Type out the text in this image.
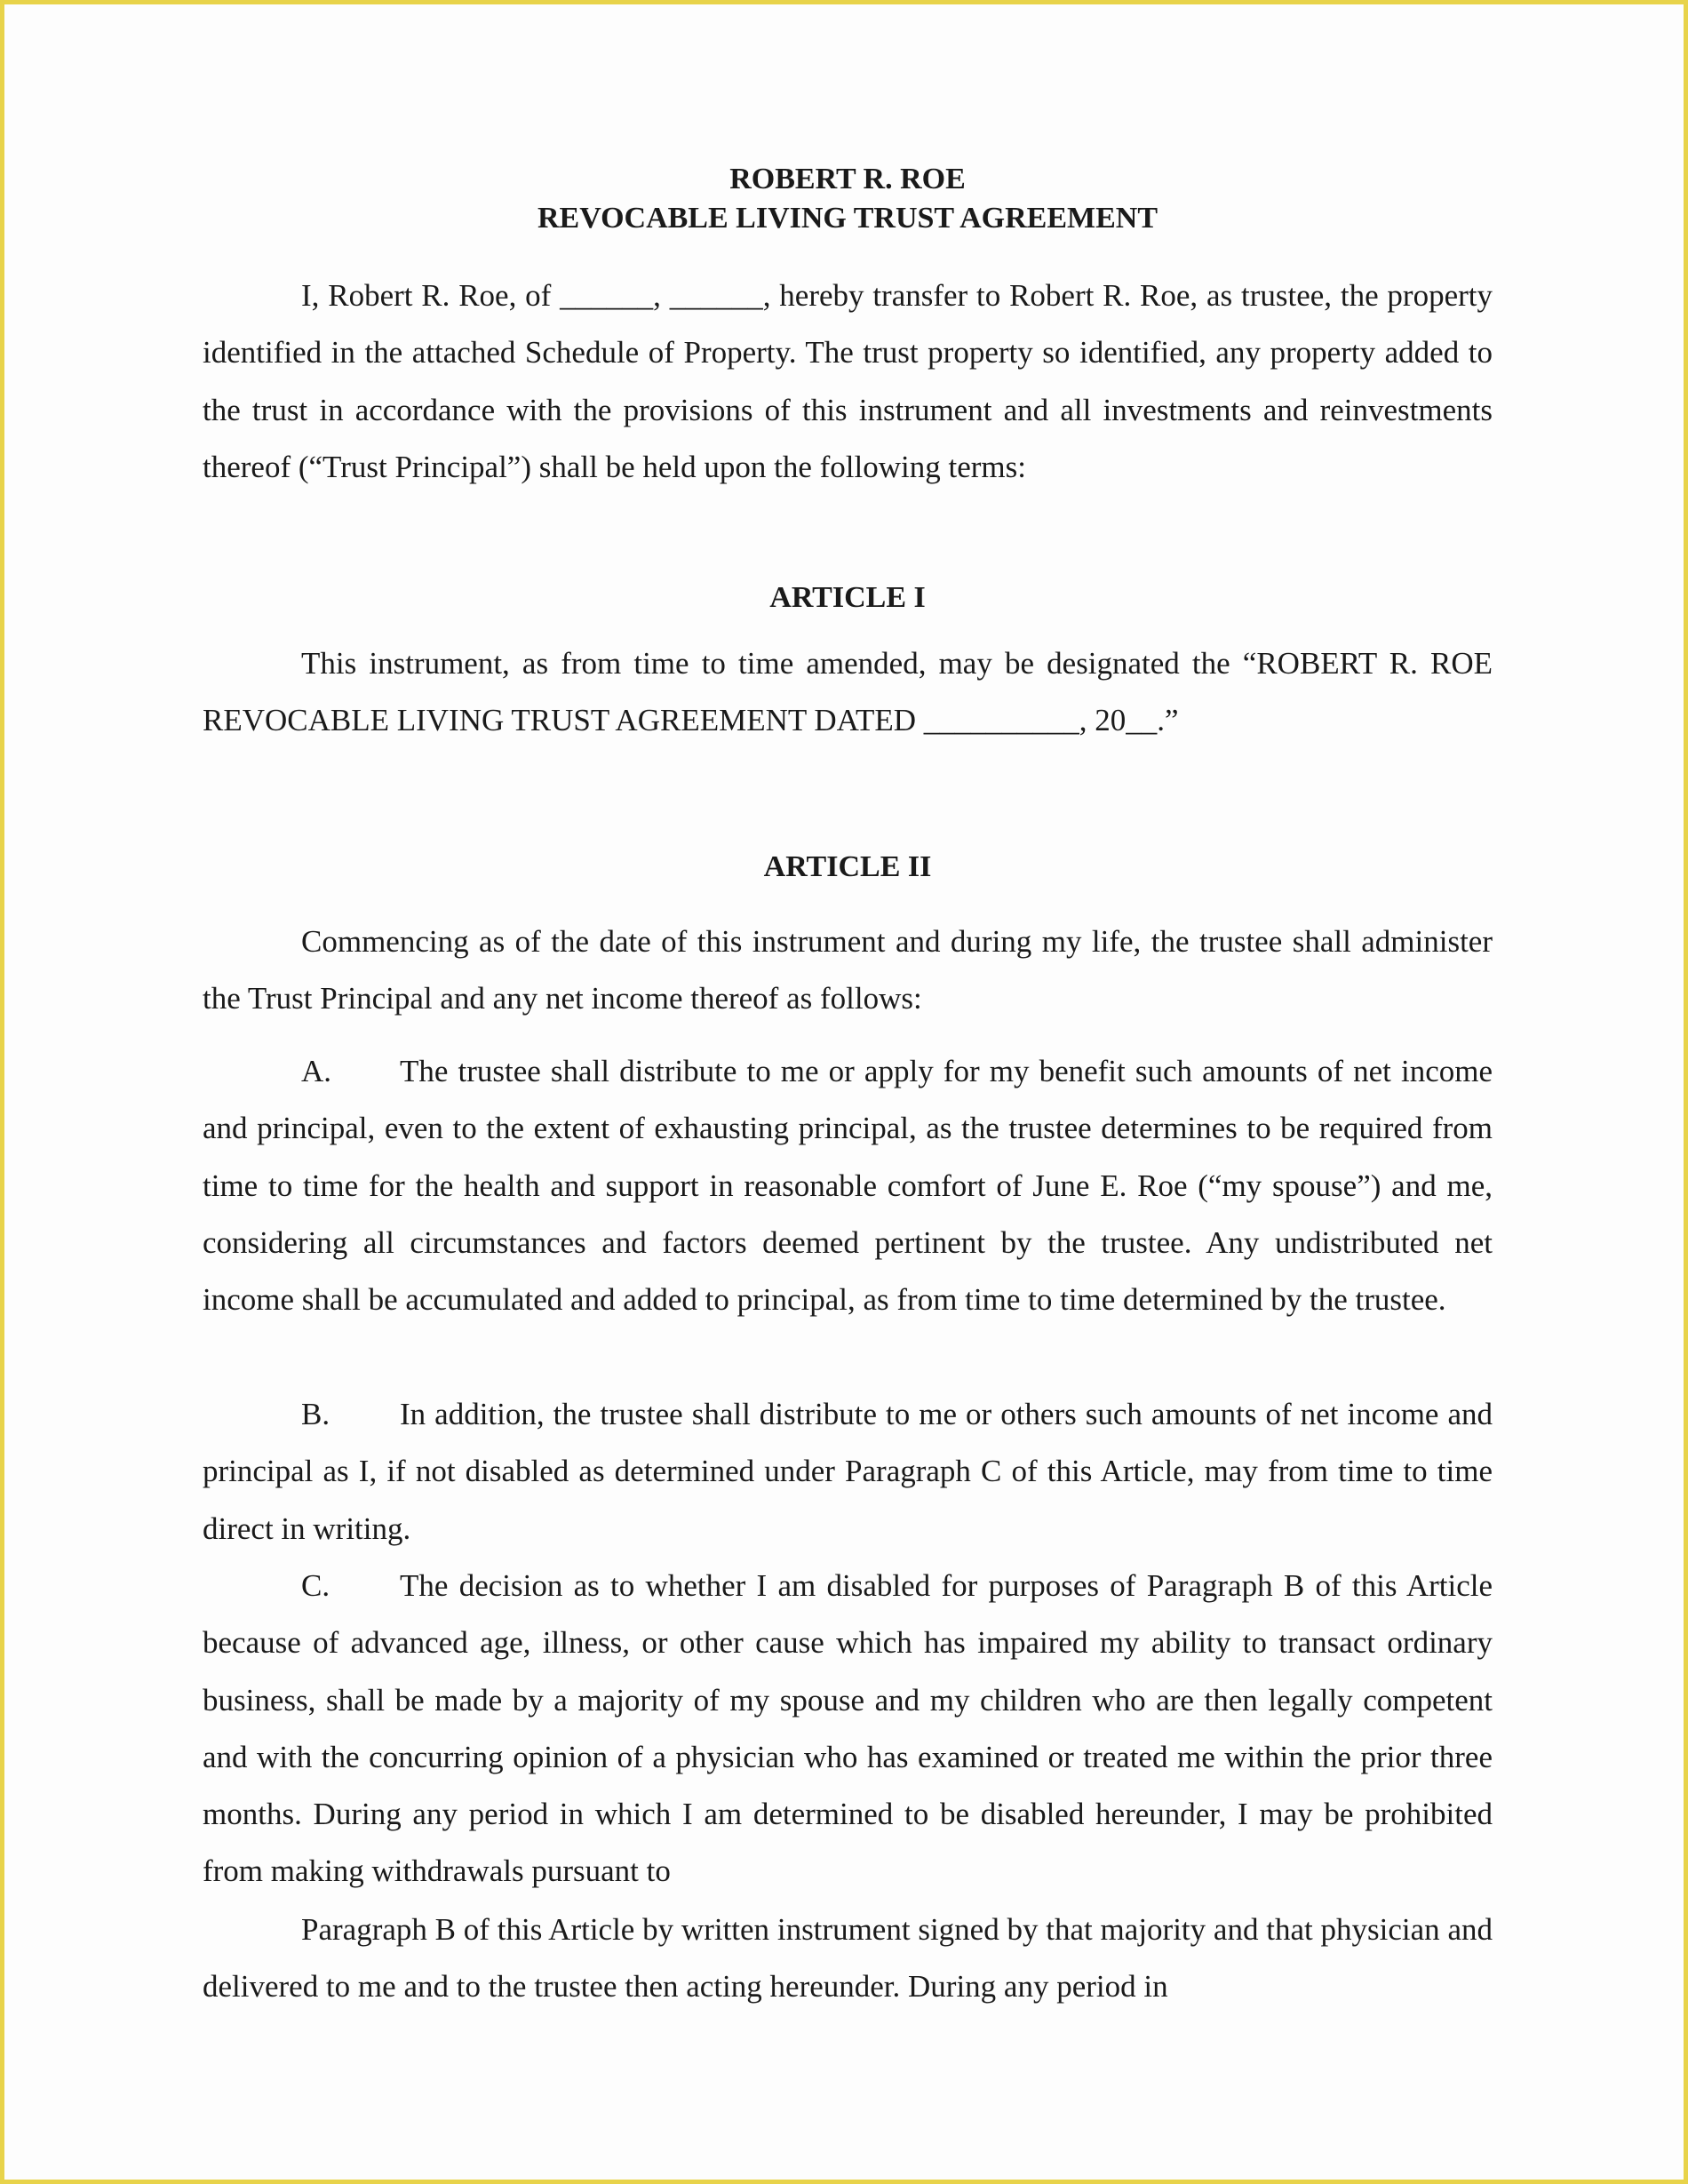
ROBERT R. ROE
REVOCABLE LIVING TRUST AGREEMENT

I, Robert R. Roe, of ______, ______, hereby transfer to Robert R. Roe, as trustee, the property identified in the attached Schedule of Property. The trust property so identified, any property added to the trust in accordance with the provisions of this instrument and all investments and reinvestments thereof (“Trust Principal”) shall be held upon the following terms:

ARTICLE I

This instrument, as from time to time amended, may be designated the “ROBERT R. ROE REVOCABLE LIVING TRUST AGREEMENT DATED __________, 20__.”

ARTICLE II

Commencing as of the date of this instrument and during my life, the trustee shall administer the Trust Principal and any net income thereof as follows:

A. The trustee shall distribute to me or apply for my benefit such amounts of net income and principal, even to the extent of exhausting principal, as the trustee determines to be required from time to time for the health and support in reasonable comfort of June E. Roe (“my spouse”) and me, considering all circumstances and factors deemed pertinent by the trustee. Any undistributed net income shall be accumulated and added to principal, as from time to time determined by the trustee.

B. In addition, the trustee shall distribute to me or others such amounts of net income and principal as I, if not disabled as determined under Paragraph C of this Article, may from time to time direct in writing.

C. The decision as to whether I am disabled for purposes of Paragraph B of this Article because of advanced age, illness, or other cause which has impaired my ability to transact ordinary business, shall be made by a majority of my spouse and my children who are then legally competent and with the concurring opinion of a physician who has examined or treated me within the prior three months. During any period in which I am determined to be disabled hereunder, I may be prohibited from making withdrawals pursuant to

Paragraph B of this Article by written instrument signed by that majority and that physician and delivered to me and to the trustee then acting hereunder. During any period in
